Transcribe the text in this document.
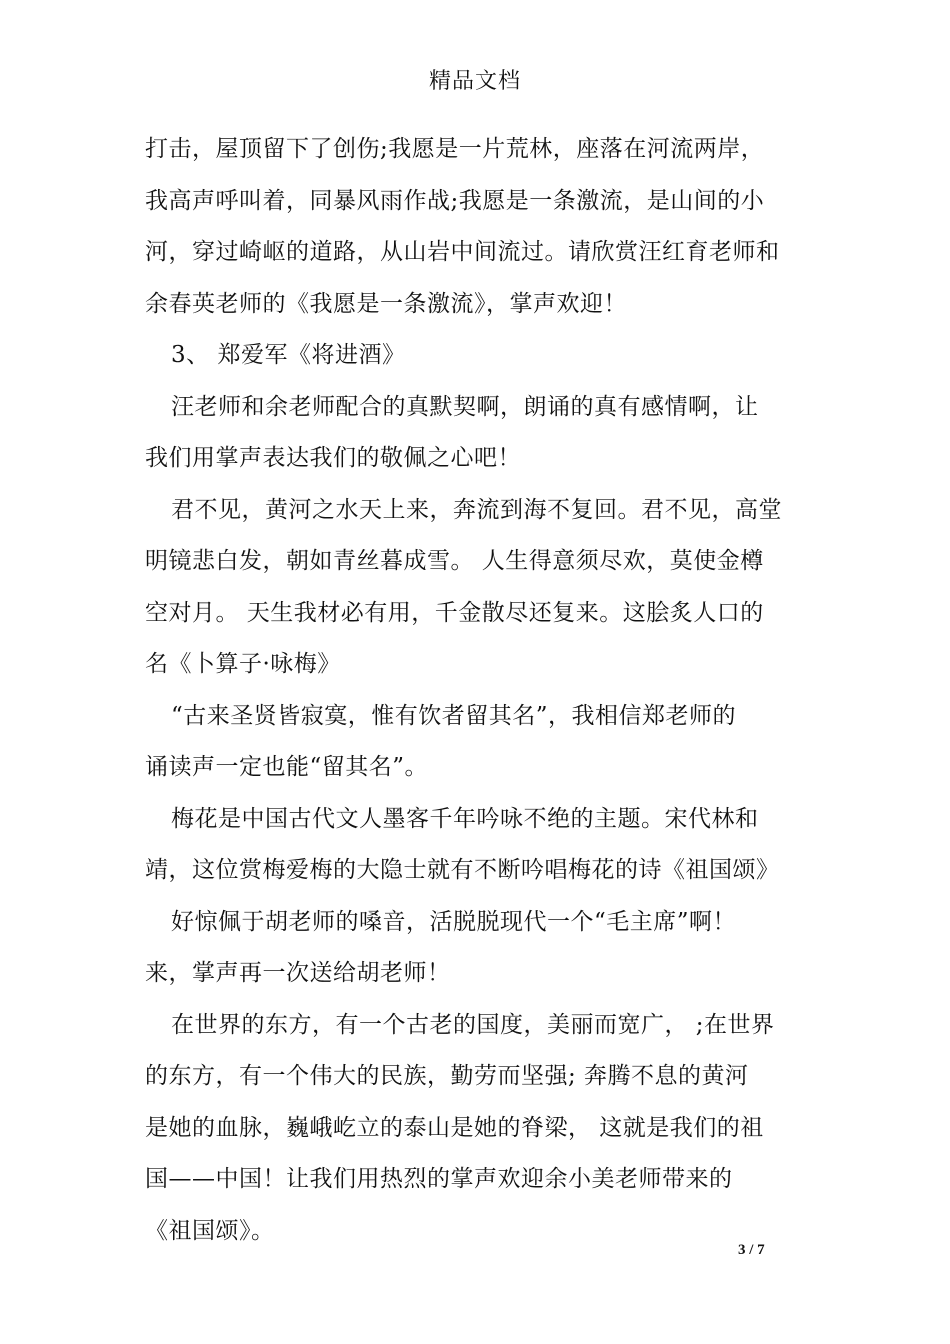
精品文档
打击，屋顶留下了创伤;我愿是一片荒林，座落在河流两岸，
我高声呼叫着，同暴风雨作战;我愿是一条激流，是山间的小
河，穿过崎岖的道路，从山岩中间流过。请欣赏汪红育老师和
余春英老师的《我愿是一条激流》，掌声欢迎！
3、 郑爱军《将进酒》
汪老师和余老师配合的真默契啊，朗诵的真有感情啊，让
我们用掌声表达我们的敬佩之心吧！
君不见，黄河之水天上来，奔流到海不复回。君不见，高堂
明镜悲白发，朝如青丝暮成雪。 人生得意须尽欢，莫使金樽
空对月。 天生我材必有用，千金散尽还复来。这脍炙人口的
名《卜算子·咏梅》
“古来圣贤皆寂寞，惟有饮者留其名”，我相信郑老师的
诵读声一定也能“留其名”。
梅花是中国古代文人墨客千年吟咏不绝的主题。宋代林和
靖，这位赏梅爱梅的大隐士就有不断吟唱梅花的诗《祖国颂》
好惊佩于胡老师的嗓音，活脱脱现代一个“毛主席”啊！
来，掌声再一次送给胡老师！
在世界的东方，有一个古老的国度，美丽而宽广， ;在世界
的东方，有一个伟大的民族，勤劳而坚强; 奔腾不息的黄河
是她的血脉，巍峨屹立的泰山是她的脊梁， 这就是我们的祖
国——中国！让我们用热烈的掌声欢迎余小美老师带来的
《祖国颂》。
3 / 7
